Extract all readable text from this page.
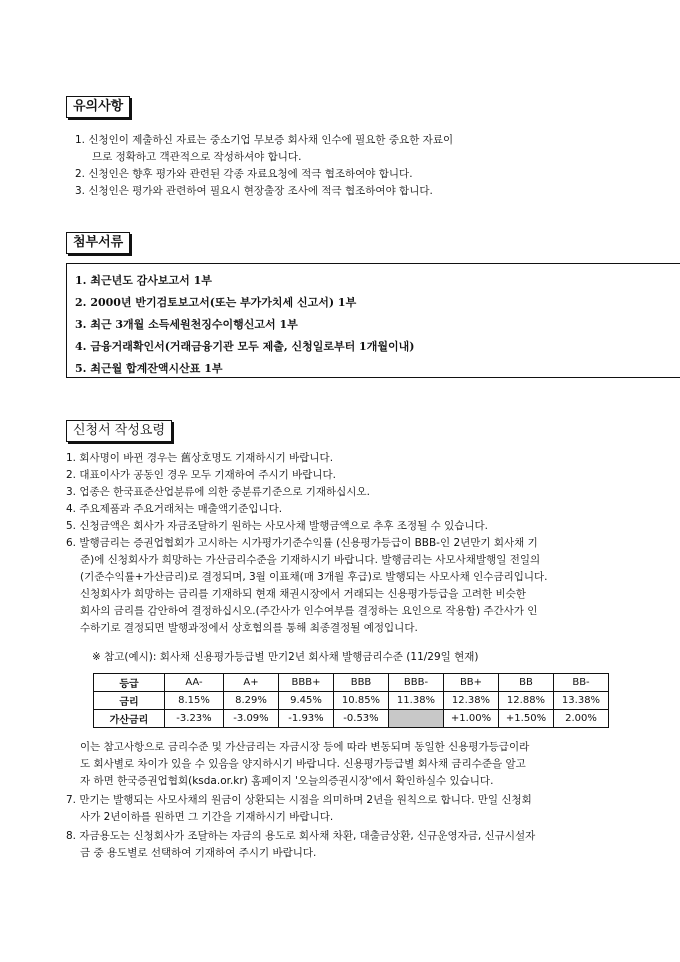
유의사항
1. 신청인이 제출하신 자료는 중소기업 무보증 회사채 인수에 필요한 중요한 자료이
므로 정확하고 객관적으로 작성하셔야 합니다.
2. 신청인은 향후 평가와 관련된 각종 자료요청에 적극 협조하여야 합니다.
3. 신청인은 평가와 관련하여 필요시 현장출장 조사에 적극 협조하여야 합니다.
첨부서류
1. 최근년도 감사보고서 1부
2. 2000년 반기검토보고서(또는 부가가치세 신고서) 1부
3. 최근 3개월 소득세원천징수이행신고서 1부
4. 금융거래확인서(거래금융기관 모두 제출, 신청일로부터 1개월이내)
5. 최근월 합계잔액시산표 1부
신청서 작성요령
1. 회사명이 바뀐 경우는 舊상호명도 기재하시기 바랍니다.
2. 대표이사가 공동인 경우 모두 기재하여 주시기 바랍니다.
3. 업종은 한국표준산업분류에 의한 중분류기준으로 기재하십시오.
4. 주요제품과 주요거래처는 매출액기준입니다.
5. 신청금액은 회사가 자금조달하기 원하는 사모사채 발행금액으로 추후 조정될 수 있습니다.
6. 발행금리는 증권업협회가 고시하는 시가평가기준수익률 (신용평가등급이 BBB-인 2년만기 회사채 기
준)에 신청회사가 희망하는 가산금리수준을 기재하시기 바랍니다. 발행금리는 사모사채발행일 전일의
(기준수익률+가산금리)로 결정되며, 3월 이표채(매 3개월 후급)로 발행되는 사모사채 인수금리입니다.
신청회사가 희망하는 금리를 기재하되 현재 채권시장에서 거래되는 신용평가등급을 고려한 비슷한
회사의 금리를 감안하여 결정하십시오.(주간사가 인수여부를 결정하는 요인으로 작용함) 주간사가 인
수하기로 결정되면 발행과정에서 상호협의를 통해 최종결정될 예정입니다.
※ 참고(예시): 회사채 신용평가등급별 만기2년 회사채 발행금리수준 (11/29일 현재)
등급	AA-	A+	BBB+	BBB	BBB-	BB+	BB	BB-
금리	8.15%	8.29%	9.45%	10.85%	11.38%	12.38%	12.88%	13.38%
가산금리	-3.23%	-3.09%	-1.93%	-0.53%		+1.00%	+1.50%	2.00%
이는 참고사항으로 금리수준 및 가산금리는 자금시장 등에 따라 변동되며 동일한 신용평가등급이라
도 회사별로 차이가 있을 수 있음을 양지하시기 바랍니다. 신용평가등급별 회사채 금리수준을 알고
자 하면 한국증권업협회(ksda.or.kr) 홈페이지 '오늘의증권시장'에서 확인하실수 있습니다.
7. 만기는 발행되는 사모사채의 원금이 상환되는 시점을 의미하며 2년을 원칙으로 합니다. 만일 신청회
사가 2년이하를 원하면 그 기간을 기재하시기 바랍니다.
8. 자금용도는 신청회사가 조달하는 자금의 용도로 회사채 차환, 대출금상환, 신규운영자금, 신규시설자
금 중 용도별로 선택하여 기재하여 주시기 바랍니다.
